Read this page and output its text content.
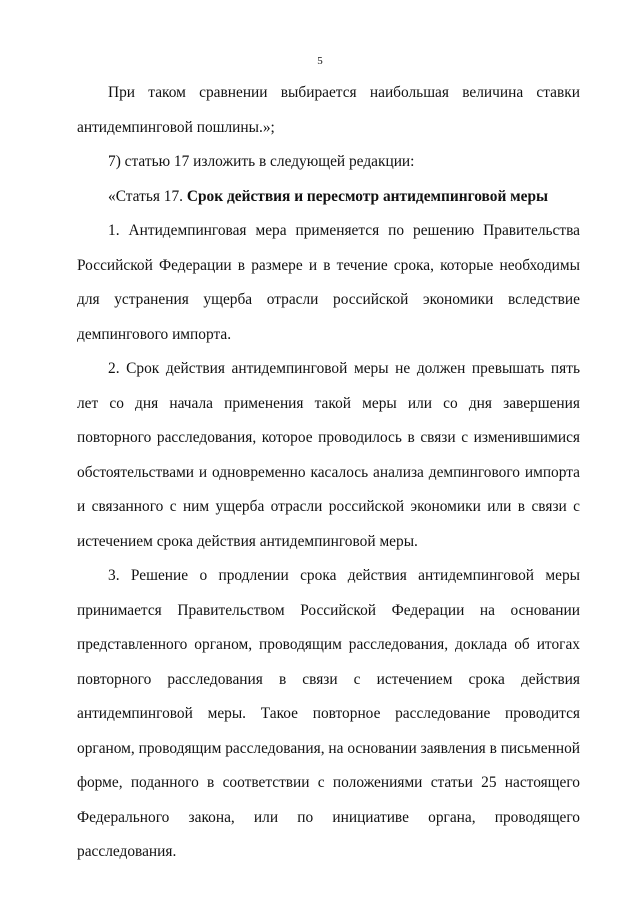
5

При таком сравнении выбирается наибольшая величина ставки антидемпинговой пошлины.»;

7) статью 17 изложить в следующей редакции:

«Статья 17. Срок действия и пересмотр антидемпинговой меры

1. Антидемпинговая мера применяется по решению Правительства Российской Федерации в размере и в течение срока, которые необходимы для устранения ущерба отрасли российской экономики вследствие демпингового импорта.

2. Срок действия антидемпинговой меры не должен превышать пять лет со дня начала применения такой меры или со дня завершения повторного расследования, которое проводилось в связи с изменившимися обстоятельствами и одновременно касалось анализа демпингового импорта и связанного с ним ущерба отрасли российской экономики или в связи с истечением срока действия антидемпинговой меры.

3. Решение о продлении срока действия антидемпинговой меры принимается Правительством Российской Федерации на основании представленного органом, проводящим расследования, доклада об итогах повторного расследования в связи с истечением срока действия антидемпинговой меры. Такое повторное расследование проводится органом, проводящим расследования, на основании заявления в письменной форме, поданного в соответствии с положениями статьи 25 настоящего Федерального закона, или по инициативе органа, проводящего расследования.
